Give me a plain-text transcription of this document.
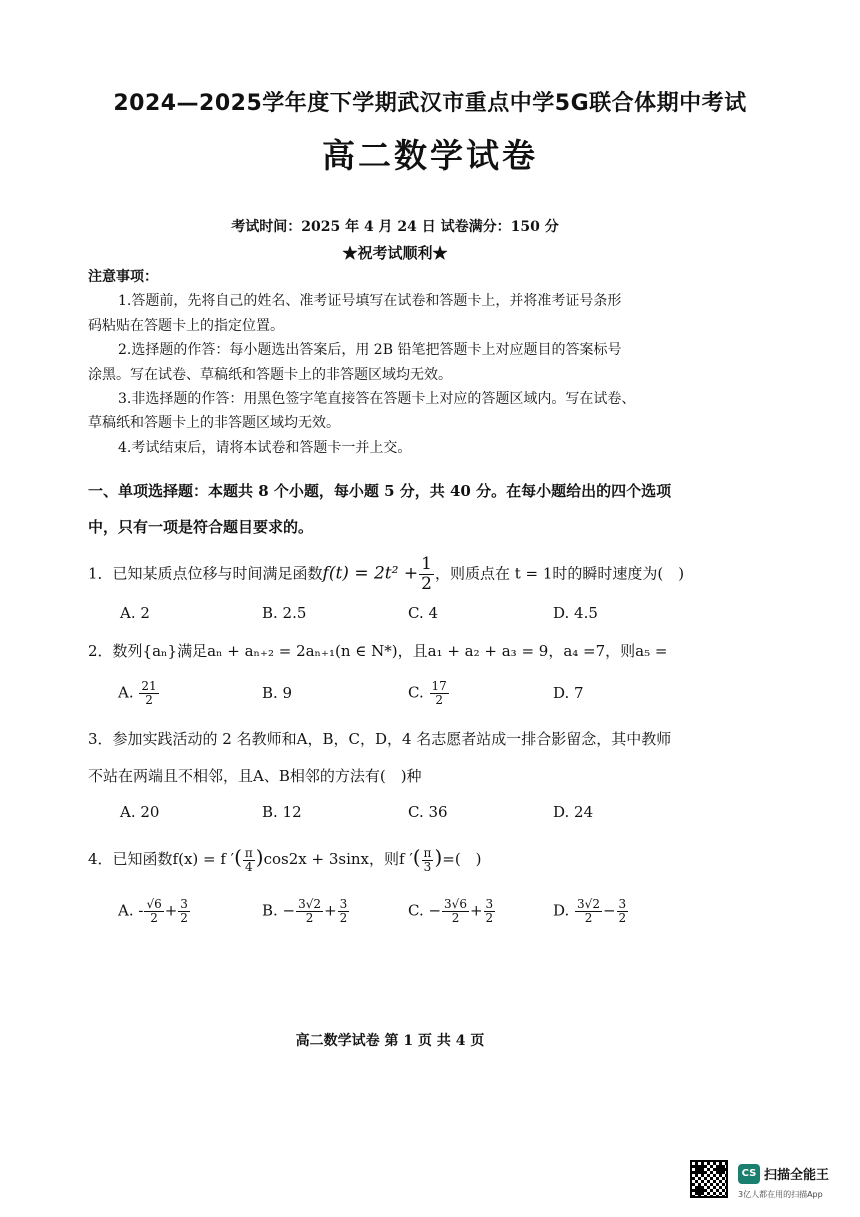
2024—2025学年度下学期武汉市重点中学5G联合体期中考试
高二数学试卷
考试时间：2025 年 4 月 24 日 试卷满分：150 分
★祝考试顺利★
注意事项：
1.答题前，先将自己的姓名、准考证号填写在试卷和答题卡上，并将准考证号条形
码粘贴在答题卡上的指定位置。
2.选择题的作答：每小题选出答案后，用 2B 铅笔把答题卡上对应题目的答案标号
涂黑。写在试卷、草稿纸和答题卡上的非答题区域均无效。
3.非选择题的作答：用黑色签字笔直接答在答题卡上对应的答题区域内。写在试卷、
草稿纸和答题卡上的非答题区域均无效。
4.考试结束后，请将本试卷和答题卡一并上交。
一、单项选择题：本题共 8 个小题，每小题 5 分，共 40 分。在每小题给出的四个选项
中，只有一项是符合题目要求的。
1．已知某质点位移与时间满足函数$f(t) = 2t^2 + \frac{1}{2}$ ，则质点在 t = 1时的瞬时速度为(　)
A. 2	B. 2.5	C. 4	D. 4.5
2．数列{aₙ}满足aₙ + aₙ₊₂ = 2aₙ₊₁(n ∈ N*)，且a₁ + a₂ + a₃ = 9，a₄ =7，则a₅ =
A. $\frac{21}{2}$	B. 9	C. $\frac{17}{2}$	D. 7
3．参加实践活动的 2 名教师和A，B，C，D，4 名志愿者站成一排合影留念，其中教师
不站在两端且不相邻，且A、B相邻的方法有(　)种
A. 20	B. 12	C. 36	D. 24
4．已知函数f(x) = f ′( $\frac{\pi}{4} )\cos 2x + 3\sin x$，则f ′( $\frac{\pi}{3}$ )=(　)
A. - $\frac{√6}{2} + \frac{3}{2}$	B. − $\frac{3√2}{2} + \frac{3}{2}$	C. − $\frac{3√6}{2} + \frac{3}{2}$	D. $\frac{3√2}{2} - \frac{3}{2}$
高二数学试卷 第 1 页 共 4 页
CS 扫描全能王
3亿人都在用的扫描App
